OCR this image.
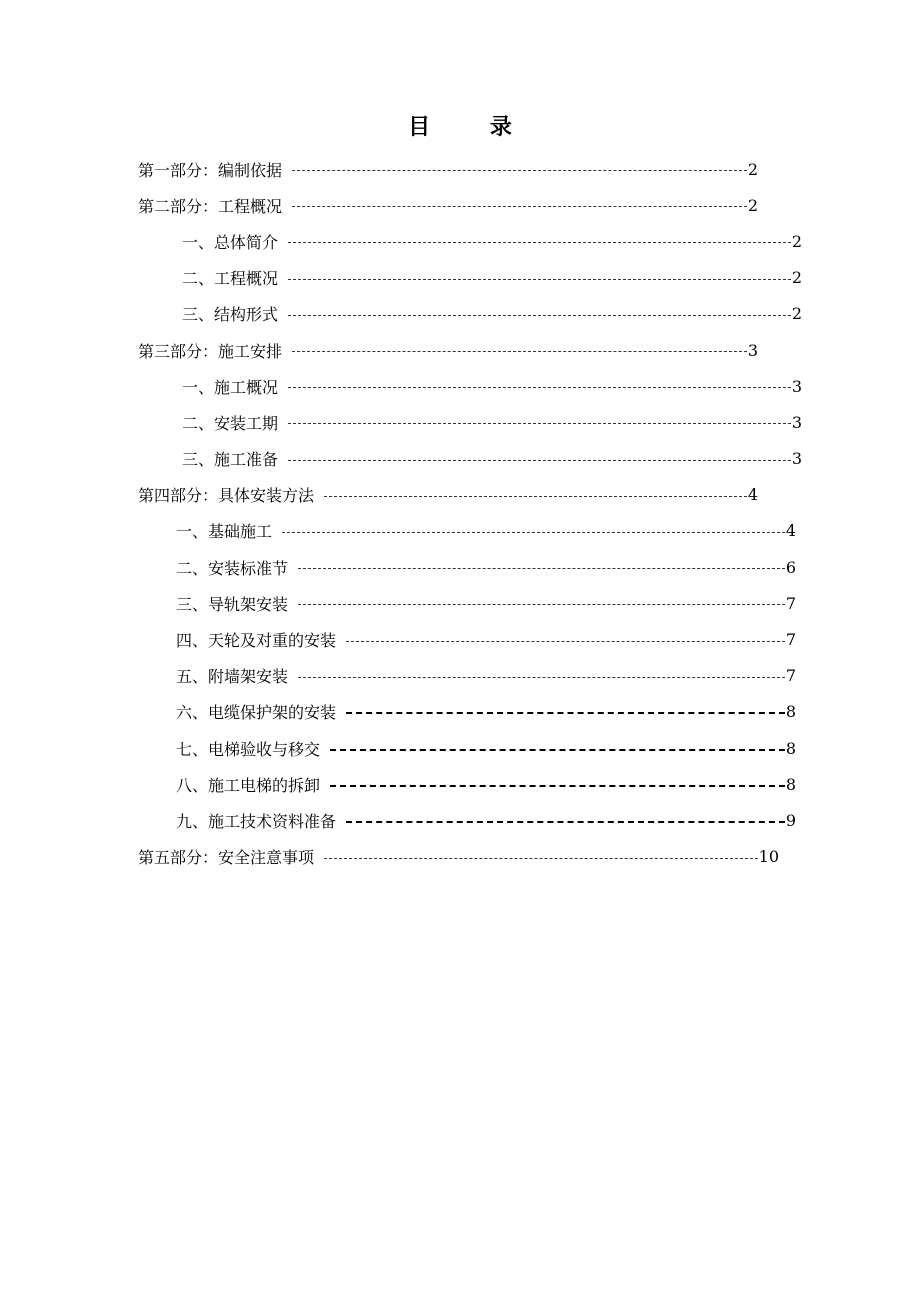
目 录
第一部分：编制依据	2
第二部分：工程概况	2
一、总体简介	2
二、工程概况	2
三、结构形式	2
第三部分：施工安排	3
一、施工概况	3
二、安装工期	3
三、施工准备	3
第四部分：具体安装方法	4
一、基础施工	4
二、安装标准节	6
三、导轨架安装	7
四、天轮及对重的安装	7
五、附墙架安装	7
六、电缆保护架的安装	8
七、电梯验收与移交	8
八、施工电梯的拆卸	8
九、施工技术资料准备	9
第五部分：安全注意事项	10
